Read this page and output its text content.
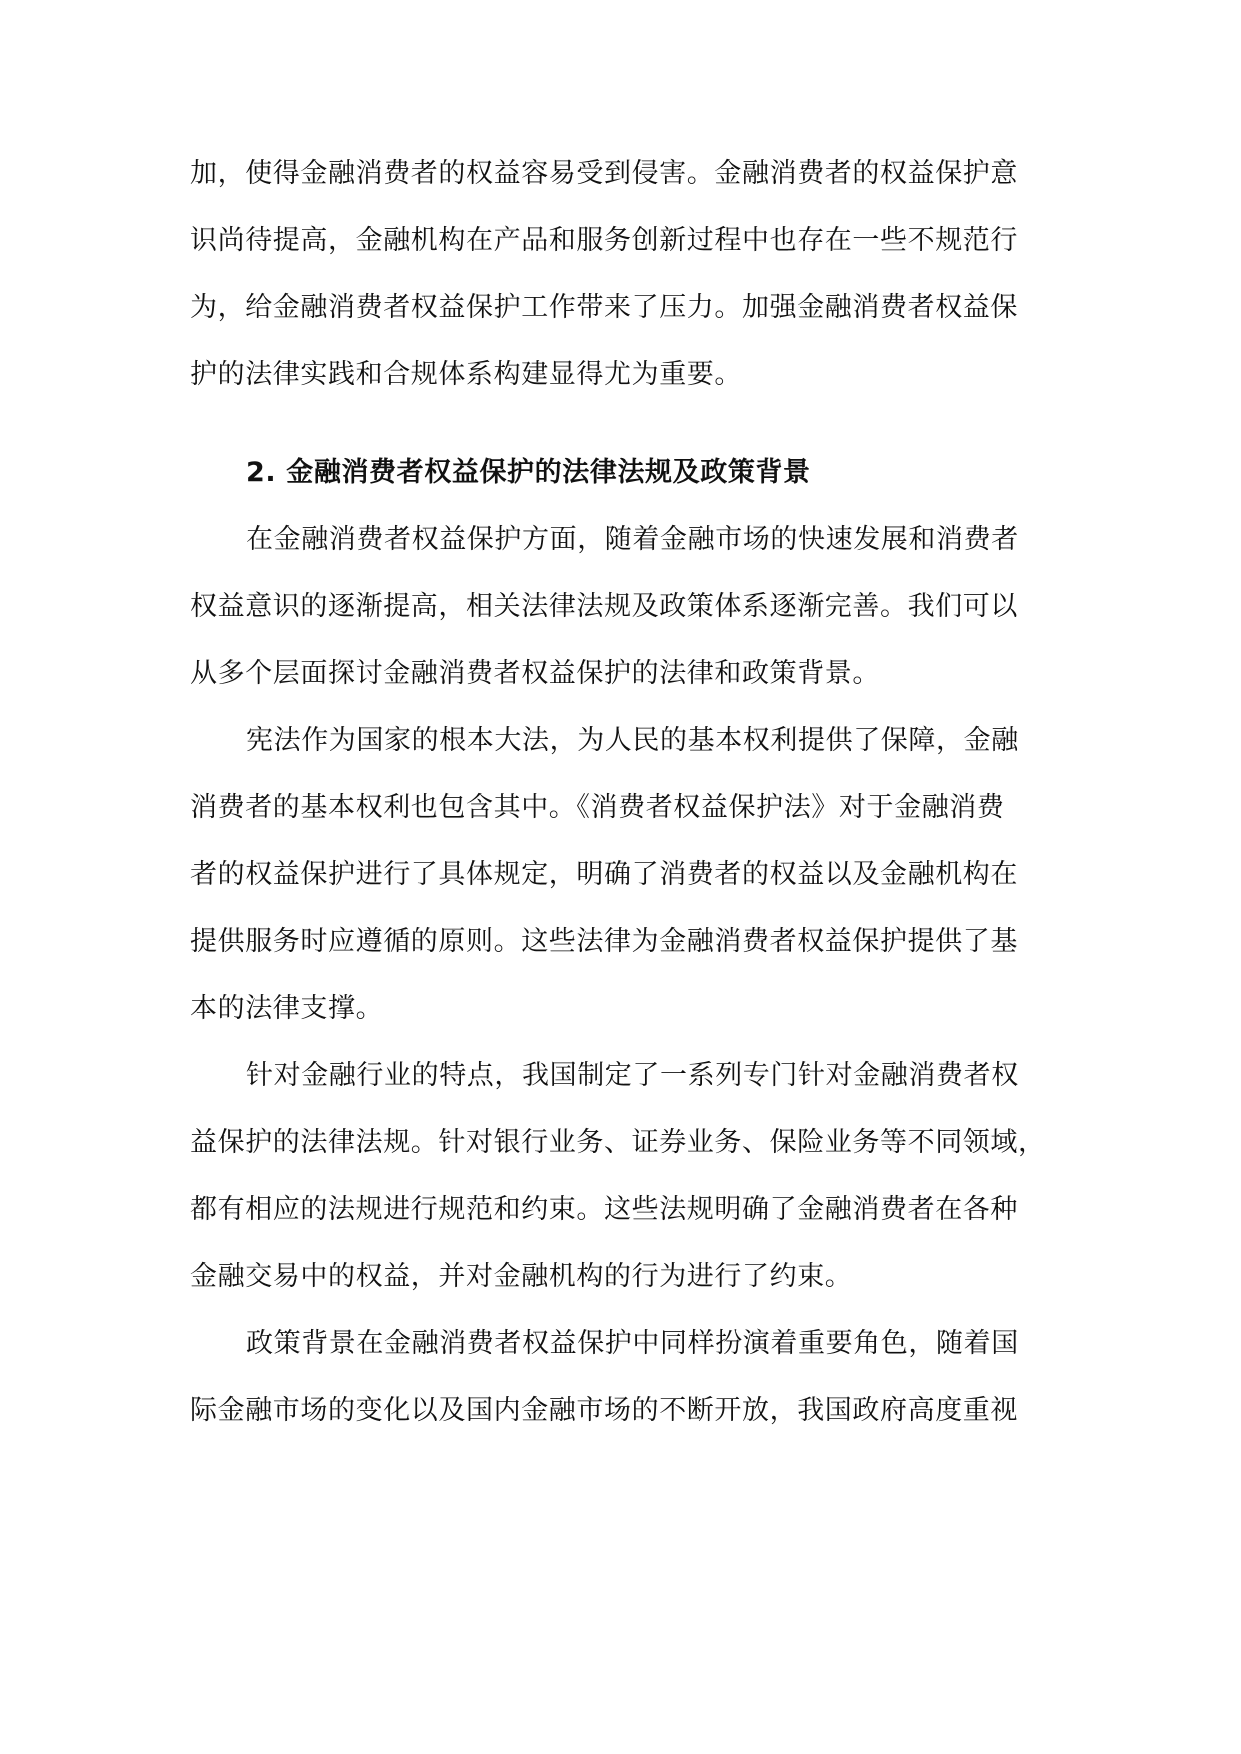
加，使得金融消费者的权益容易受到侵害。金融消费者的权益保护意
识尚待提高，金融机构在产品和服务创新过程中也存在一些不规范行
为，给金融消费者权益保护工作带来了压力。加强金融消费者权益保
护的法律实践和合规体系构建显得尤为重要。
2. 金融消费者权益保护的法律法规及政策背景
在金融消费者权益保护方面，随着金融市场的快速发展和消费者
权益意识的逐渐提高，相关法律法规及政策体系逐渐完善。我们可以
从多个层面探讨金融消费者权益保护的法律和政策背景。
宪法作为国家的根本大法，为人民的基本权利提供了保障，金融
消费者的基本权利也包含其中。《消费者权益保护法》对于金融消费
者的权益保护进行了具体规定，明确了消费者的权益以及金融机构在
提供服务时应遵循的原则。这些法律为金融消费者权益保护提供了基
本的法律支撑。
针对金融行业的特点，我国制定了一系列专门针对金融消费者权
益保护的法律法规。针对银行业务、证券业务、保险业务等不同领域，
都有相应的法规进行规范和约束。这些法规明确了金融消费者在各种
金融交易中的权益，并对金融机构的行为进行了约束。
政策背景在金融消费者权益保护中同样扮演着重要角色，随着国
际金融市场的变化以及国内金融市场的不断开放，我国政府高度重视
